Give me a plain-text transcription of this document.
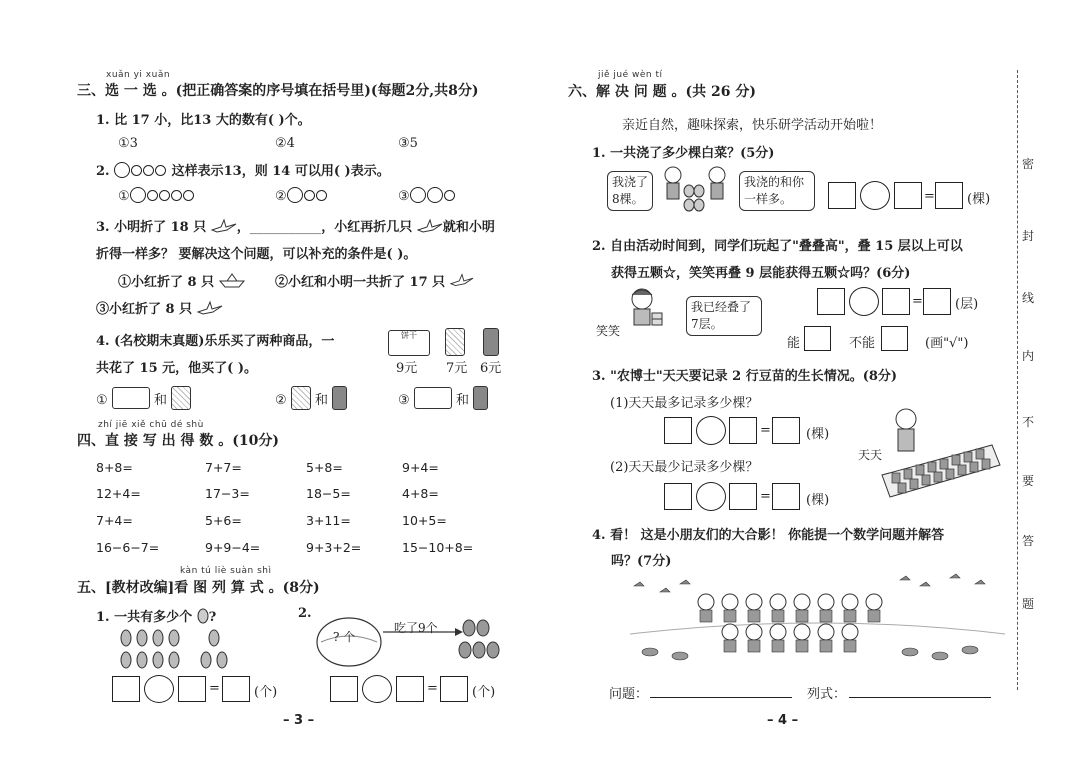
xuǎn yi xuǎn
三、选 一 选 。(把正确答案的序号填在括号里)(每题2分,共8分)
1. 比 17 小，比13 大的数有( )个。
①3	②4	③5
2.	这样表示13，则 14 可以用( )表示。
①	②	③
3. 小明折了 18 只 ，___________，小红再折几只 就和小明
折得一样多？ 要解决这个问题，可以补充的条件是( )。
①小红折了 8 只	②小红和小明一共折了 17 只
③小红折了 8 只
4. (名校期末真题)乐乐买了两种商品，一
共花了 15 元，他买了( )。
饼干
9元 7元 6元
①	和	② 和	③	和
zhí jiē xiě chū dé shù
四、直 接 写 出 得 数 。(10分)
8+8=	7+7=	5+8=	9+4=
12+4=	17−3=	18−5=	4+8=
7+4=	5+6=	3+11=	10+5=
16−6−7=	9+9−4=	9+3+2=	15−10+8=
kàn tú liè suàn shì
五、[教材改编]看 图 列 算 式 。(8分)
1. 一共有多少个 ?
=	(个)
2.
? 个
吃了9个
=	(个)
– 3 –
jiě jué wèn tí
六、解 决 问 题 。(共 26 分)
亲近自然，趣味探索，快乐研学活动开始啦！
1. 一共浇了多少棵白菜？(5分)
我浇了 8棵。
我浇的和你 一样多。	= (棵)
2. 自由活动时间到，同学们玩起了"叠叠高"，叠 15 层以上可以
获得五颗☆，笑笑再叠 9 层能获得五颗☆吗？(6分)
笑笑
我已经叠了 7层。
= (层)
能	不能	(画"√")
3. "农博士"天天要记录 2 行豆苗的生长情况。(8分)
(1)天天最多记录多少棵？
=	(棵)
(2)天天最少记录多少棵？
=	(棵)
天天
4. 看！ 这是小朋友们的大合影！ 你能提一个数学问题并解答
吗？(7分)
问题：	列式：
– 4 –
密
封
线
内
不
要
答
题
